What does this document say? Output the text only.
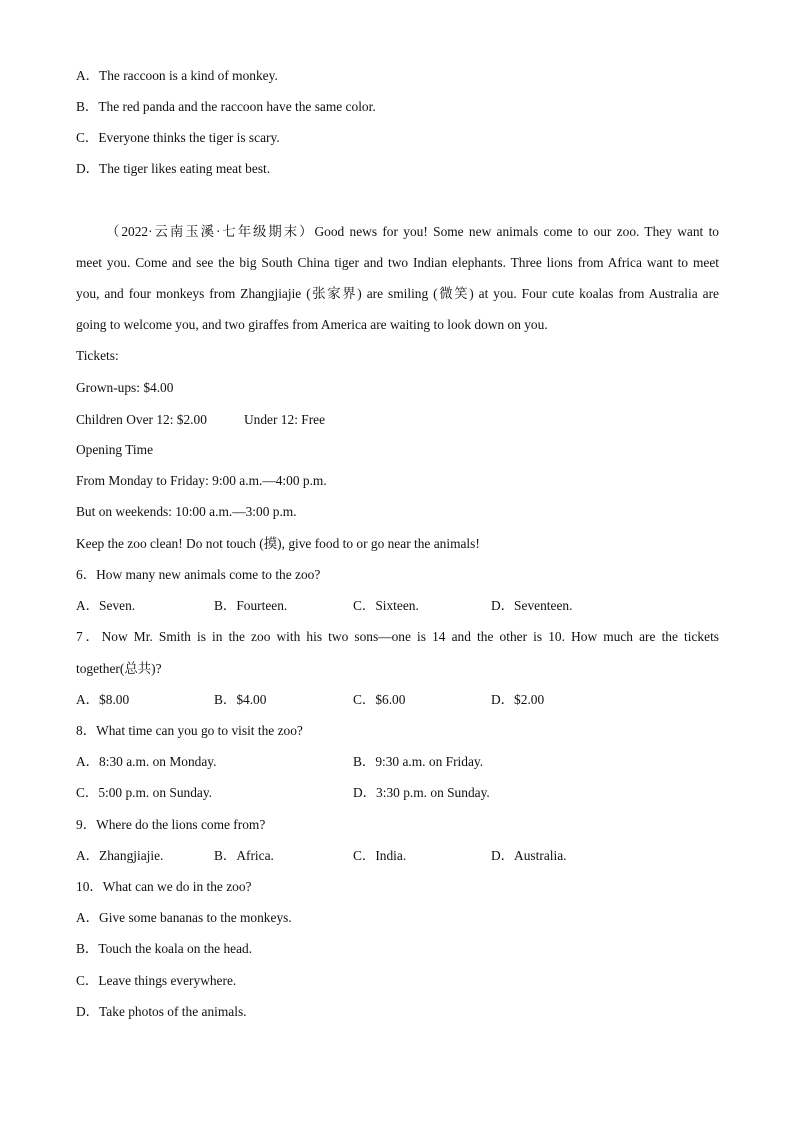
A．The raccoon is a kind of monkey.
B．The red panda and the raccoon have the same color.
C．Everyone thinks the tiger is scary.
D．The tiger likes eating meat best.
（2022·云南玉溪·七年级期末）Good news for you! Some new animals come to our zoo. They want to
meet you. Come and see the big South China tiger and two Indian elephants. Three lions from Africa want to meet
you, and four monkeys from Zhangjiajie (张家界) are smiling (微笑) at you. Four cute koalas from Australia are
going to welcome you, and two giraffes from America are waiting to look down on you.
Tickets:
Grown-ups: $4.00
Children Over 12: $2.00	Under 12: Free
Opening Time
From Monday to Friday: 9:00 a.m.—4:00 p.m.
But on weekends: 10:00 a.m.—3:00 p.m.
Keep the zoo clean! Do not touch (摸), give food to or go near the animals!
6．How many new animals come to the zoo?
A．Seven.	B．Fourteen.	C．Sixteen.	D．Seventeen.
7．Now Mr. Smith is in the zoo with his two sons—one is 14 and the other is 10. How much are the tickets
together(总共)?
A．$8.00	B．$4.00	C．$6.00	D．$2.00
8．What time can you go to visit the zoo?
A．8:30 a.m. on Monday.	B．9:30 a.m. on Friday.
C．5:00 p.m. on Sunday.	D．3:30 p.m. on Sunday.
9．Where do the lions come from?
A．Zhangjiajie.	B．Africa.	C．India.	D．Australia.
10．What can we do in the zoo?
A．Give some bananas to the monkeys.
B．Touch the koala on the head.
C．Leave things everywhere.
D．Take photos of the animals.
